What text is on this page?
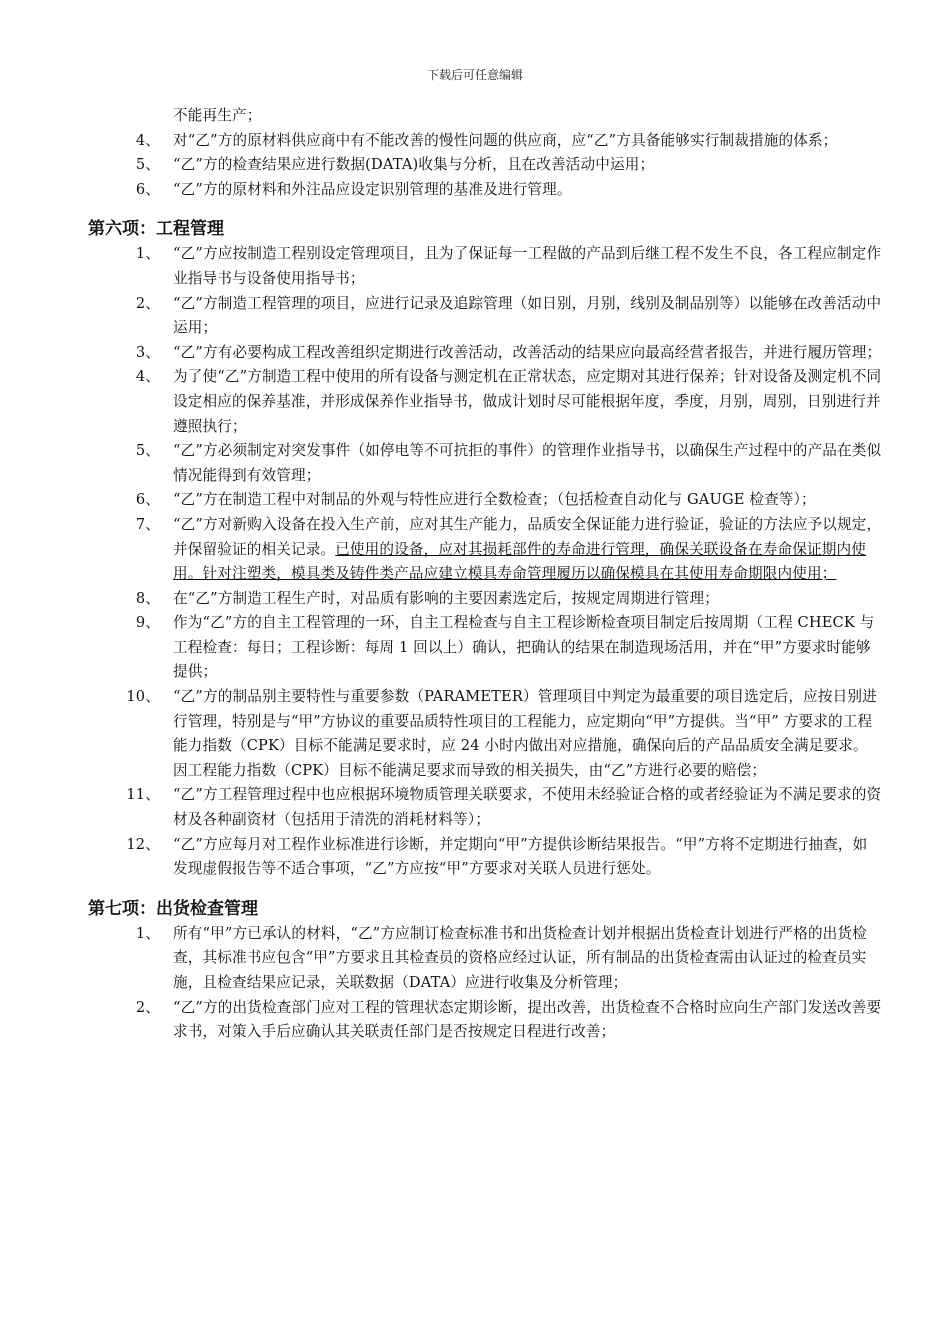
下载后可任意编辑
不能再生产；
4、 对“乙”方的原材料供应商中有不能改善的慢性问题的供应商，应“乙”方具备能够实行制裁措施的体系；
5、 “乙”方的检查结果应进行数据(DATA)收集与分析，且在改善活动中运用；
6、 “乙”方的原材料和外注品应设定识别管理的基准及进行管理。
第六项：工程管理
1、 “乙”方应按制造工程别设定管理项目，且为了保证每一工程做的产品到后继工程不发生不良，各工程应制定作业指导书与设备使用指导书；
2、 “乙”方制造工程管理的项目，应进行记录及追踪管理（如日别，月别，线别及制品别等）以能够在改善活动中运用；
3、 “乙”方有必要构成工程改善组织定期进行改善活动，改善活动的结果应向最高经营者报告，并进行履历管理；
4、 为了使“乙”方制造工程中使用的所有设备与测定机在正常状态，应定期对其进行保养；针对设备及测定机不同设定相应的保养基准，并形成保养作业指导书，做成计划时尽可能根据年度，季度，月别，周别，日别进行并遵照执行；
5、 “乙”方必须制定对突发事件（如停电等不可抗拒的事件）的管理作业指导书，以确保生产过程中的产品在类似情况能得到有效管理；
6、 “乙”方在制造工程中对制品的外观与特性应进行全数检查；（包括检查自动化与 GAUGE 检查等）；
7、 “乙”方对新购入设备在投入生产前，应对其生产能力，品质安全保证能力进行验证，验证的方法应予以规定，并保留验证的相关记录。已使用的设备，应对其损耗部件的寿命进行管理，确保关联设备在寿命保证期内使用。针对注塑类，模具类及铸件类产品应建立模具寿命管理履历以确保模具在其使用寿命期限内使用；
8、 在“乙”方制造工程生产时，对品质有影响的主要因素选定后，按规定周期进行管理；
9、 作为“乙”方的自主工程管理的一环，自主工程检查与自主工程诊断检查项目制定后按周期（工程 CHECK 与工程检查：每日；工程诊断：每周 1 回以上）确认，把确认的结果在制造现场活用，并在“甲”方要求时能够提供；
10、 “乙”方的制品别主要特性与重要参数（PARAMETER）管理项目中判定为最重要的项目选定后，应按日别进行管理，特别是与“甲”方协议的重要品质特性项目的工程能力，应定期向“甲”方提供。当“甲” 方要求的工程能力指数（CPK）目标不能满足要求时，应 24 小时内做出对应措施，确保向后的产品品质安全满足要求。因工程能力指数（CPK）目标不能满足要求而导致的相关损失，由“乙”方进行必要的赔偿；
11、 “乙”方工程管理过程中也应根据环境物质管理关联要求，不使用未经验证合格的或者经验证为不满足要求的资材及各种副资材（包括用于清洗的消耗材料等）；
12、 “乙”方应每月对工程作业标准进行诊断，并定期向“甲”方提供诊断结果报告。“甲”方将不定期进行抽查，如发现虚假报告等不适合事项，“乙”方应按“甲”方要求对关联人员进行惩处。
第七项：出货检查管理
1、 所有“甲”方已承认的材料，“乙”方应制订检查标准书和出货检查计划并根据出货检查计划进行严格的出货检查，其标准书应包含“甲”方要求且其检查员的资格应经过认证，所有制品的出货检查需由认证过的检查员实施，且检查结果应记录，关联数据（DATA）应进行收集及分析管理；
2、 “乙”方的出货检查部门应对工程的管理状态定期诊断，提出改善，出货检查不合格时应向生产部门发送改善要求书，对策入手后应确认其关联责任部门是否按规定日程进行改善；
